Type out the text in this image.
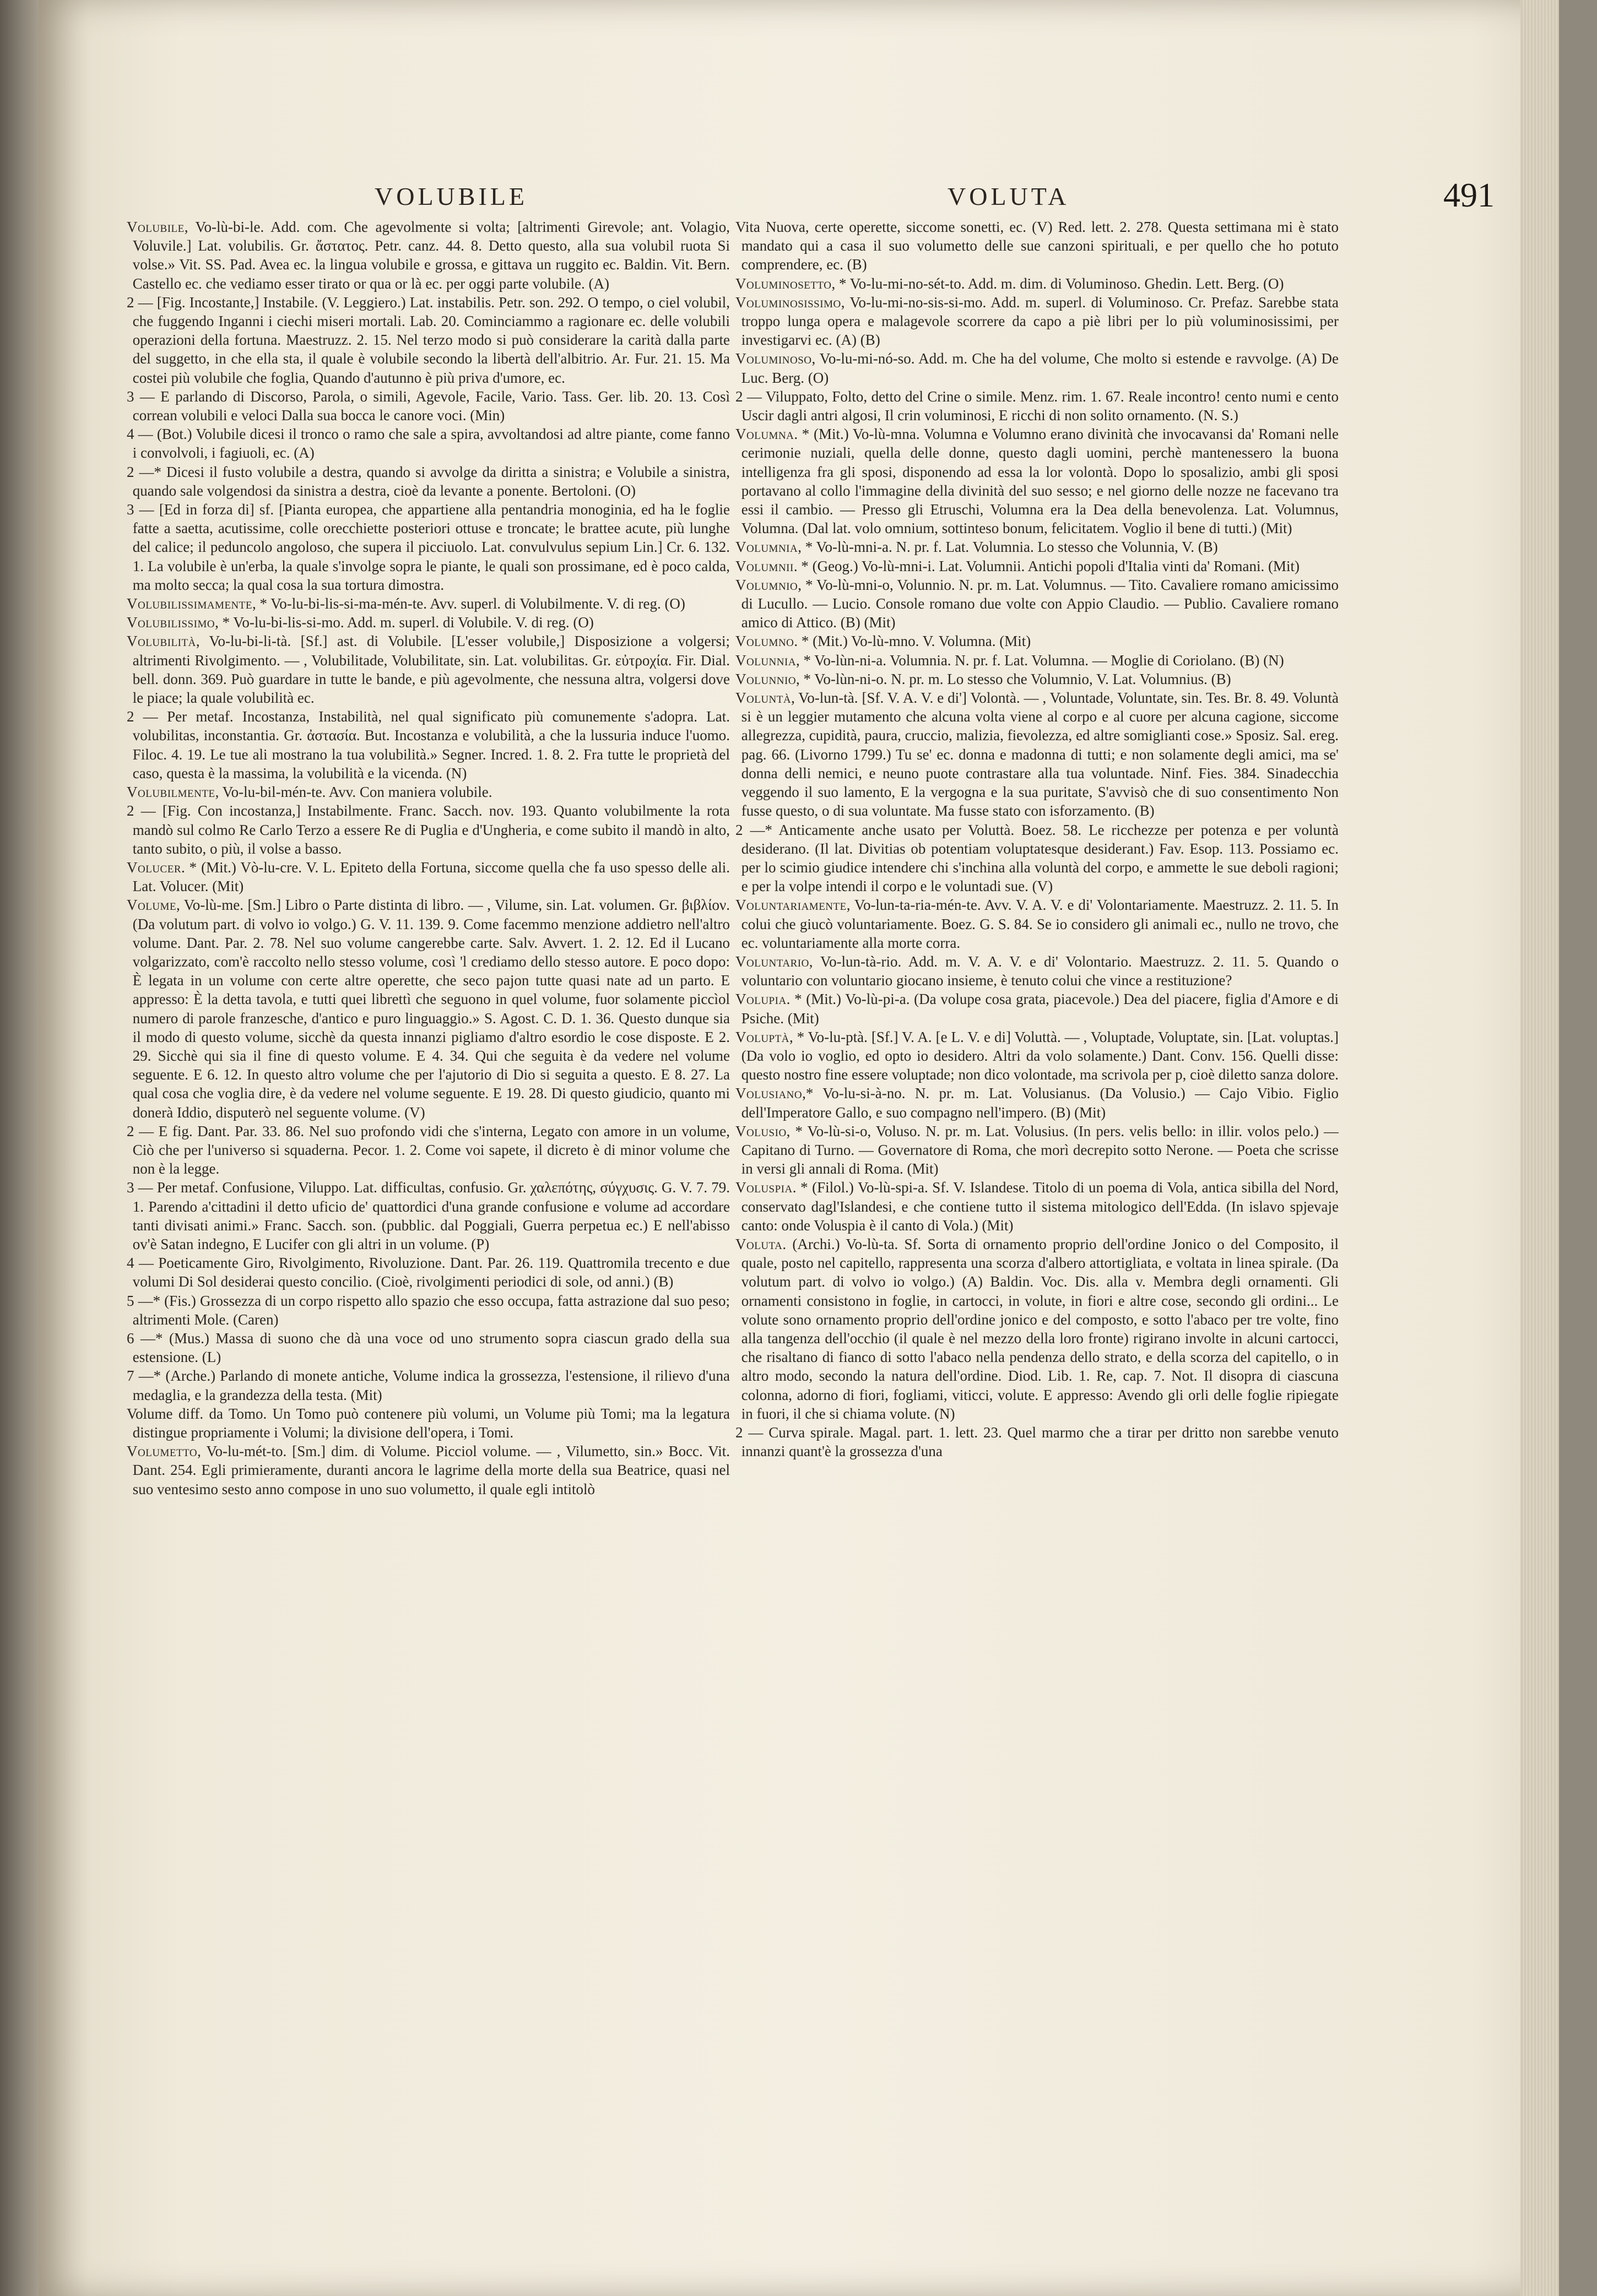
VOLUBILE	VOLUTA	491

Volubile, Vo-lù-bi-le. Add. com. Che agevolmente si volta; [altrimenti Girevole; ant. Volagio, Voluvile.] Lat. volubilis. Gr. ἄστατος. Petr. canz. 44. 8. Detto questo, alla sua volubil ruota Si volse.» Vit. SS. Pad. Avea ec. la lingua volubile e grossa, e gittava un ruggito ec. Baldin. Vit. Bern. Castello ec. che vediamo esser tirato or qua or là ec. per oggi parte volubile. (A)

2 — [Fig. Incostante,] Instabile. (V. Leggiero.) Lat. instabilis. Petr. son. 292. O tempo, o ciel volubil, che fuggendo Inganni i ciechi miseri mortali. Lab. 20. Cominciammo a ragionare ec. delle volubili operazioni della fortuna. Maestruzz. 2. 15. Nel terzo modo si può considerare la carità dalla parte del suggetto, in che ella sta, il quale è volubile secondo la libertà dell'albitrio. Ar. Fur. 21. 15. Ma costei più volubile che foglia, Quando d'autunno è più priva d'umore, ec.

3 — E parlando di Discorso, Parola, o simili, Agevole, Facile, Vario. Tass. Ger. lib. 20. 13. Così correan volubili e veloci Dalla sua bocca le canore voci. (Min)

4 — (Bot.) Volubile dicesi il tronco o ramo che sale a spira, avvoltandosi ad altre piante, come fanno i convolvoli, i fagiuoli, ec. (A)

2 —* Dicesi il fusto volubile a destra, quando si avvolge da diritta a sinistra; e Volubile a sinistra, quando sale volgendosi da sinistra a destra, cioè da levante a ponente. Bertoloni. (O)

3 — [Ed in forza di] sf. [Pianta europea, che appartiene alla pentandria monoginia, ed ha le foglie fatte a saetta, acutissime, colle orecchiette posteriori ottuse e troncate; le brattee acute, più lunghe del calice; il peduncolo angoloso, che supera il picciuolo. Lat. convulvulus sepium Lin.] Cr. 6. 132. 1. La volubile è un'erba, la quale s'involge sopra le piante, le quali son prossimane, ed è poco calda, ma molto secca; la qual cosa la sua tortura dimostra.

Volubilissimamente, * Vo-lu-bi-lis-si-ma-mén-te. Avv. superl. di Volubilmente. V. di reg. (O)

Volubilissimo, * Vo-lu-bi-lis-si-mo. Add. m. superl. di Volubile. V. di reg. (O)

Volubilità, Vo-lu-bi-li-tà. [Sf.] ast. di Volubile. [L'esser volubile,] Disposizione a volgersi; altrimenti Rivolgimento. — , Volubilitade, Volubilitate, sin. Lat. volubilitas. Gr. εὐτροχία. Fir. Dial. bell. donn. 369. Può guardare in tutte le bande, e più agevolmente, che nessuna altra, volgersi dove le piace; la quale volubilità ec.

2 — Per metaf. Incostanza, Instabilità, nel qual significato più comunemente s'adopra. Lat. volubilitas, inconstantia. Gr. ἀστασία. But. Incostanza e volubilità, a che la lussuria induce l'uomo. Filoc. 4. 19. Le tue ali mostrano la tua volubilità.» Segner. Incred. 1. 8. 2. Fra tutte le proprietà del caso, questa è la massima, la volubilità e la vicenda. (N)

Volubilmente, Vo-lu-bil-mén-te. Avv. Con maniera volubile.

2 — [Fig. Con incostanza,] Instabilmente. Franc. Sacch. nov. 193. Quanto volubilmente la rota mandò sul colmo Re Carlo Terzo a essere Re di Puglia e d'Ungheria, e come subito il mandò in alto, tanto subito, o più, il volse a basso.

Volucer. * (Mit.) Vò-lu-cre. V. L. Epiteto della Fortuna, siccome quella che fa uso spesso delle ali. Lat. Volucer. (Mit)

Volume, Vo-lù-me. [Sm.] Libro o Parte distinta di libro. — , Vilume, sin. Lat. volumen. Gr. βιβλίον. (Da volutum part. di volvo io volgo.) G. V. 11. 139. 9. Come facemmo menzione addietro nell'altro volume. Dant. Par. 2. 78. Nel suo volume cangerebbe carte. Salv. Avvert. 1. 2. 12. Ed il Lucano volgarizzato, com'è raccolto nello stesso volume, così 'l crediamo dello stesso autore. E poco dopo: È legata in un volume con certe altre operette, che seco pajon tutte quasi nate ad un parto. E appresso: È la detta tavola, e tutti quei librettì che seguono in quel volume, fuor solamente piccìol numero di parole franzesche, d'antico e puro linguaggio.» S. Agost. C. D. 1. 36. Questo dunque sia il modo di questo volume, sicchè da questa innanzi pigliamo d'altro esordio le cose disposte. E 2. 29. Sicchè qui sia il fine di questo volume. E 4. 34. Qui che seguita è da vedere nel volume seguente. E 6. 12. In questo altro volume che per l'ajutorio di Dio si seguita a questo. E 8. 27. La qual cosa che voglia dire, è da vedere nel volume seguente. E 19. 28. Di questo giudicio, quanto mi donerà Iddio, disputerò nel seguente volume. (V)

2 — E fig. Dant. Par. 33. 86. Nel suo profondo vidi che s'interna, Legato con amore in un volume, Ciò che per l'universo si squaderna. Pecor. 1. 2. Come voi sapete, il dicreto è di minor volume che non è la legge.

3 — Per metaf. Confusione, Viluppo. Lat. difficultas, confusio. Gr. χαλεπότης, σύγχυσις. G. V. 7. 79. 1. Parendo a'cittadini il detto uficio de' quattordici d'una grande confusione e volume ad accordare tanti divisati animi.» Franc. Sacch. son. (pubblic. dal Poggiali, Guerra perpetua ec.) E nell'abisso ov'è Satan indegno, E Lucifer con gli altri in un volume. (P)

4 — Poeticamente Giro, Rivolgimento, Rivoluzione. Dant. Par. 26. 119. Quattromila trecento e due volumi Di Sol desiderai questo concilio. (Cioè, rivolgimenti periodici di sole, od anni.) (B)

5 —* (Fis.) Grossezza di un corpo rispetto allo spazio che esso occupa, fatta astrazione dal suo peso; altrimenti Mole. (Caren)

6 —* (Mus.) Massa di suono che dà una voce od uno strumento sopra ciascun grado della sua estensione. (L)

7 —* (Arche.) Parlando di monete antiche, Volume indica la grossezza, l'estensione, il rilievo d'una medaglia, e la grandezza della testa. (Mit)

Volume diff. da Tomo. Un Tomo può contenere più volumi, un Volume più Tomi; ma la legatura distingue propriamente i Volumi; la divisione dell'opera, i Tomi.

Volumetto, Vo-lu-mét-to. [Sm.] dim. di Volume. Picciol volume. — , Vilumetto, sin.» Bocc. Vit. Dant. 254. Egli primieramente, duranti ancora le lagrime della morte della sua Beatrice, quasi nel suo ventesimo sesto anno compose in uno suo volumetto, il quale egli intitolò

Vita Nuova, certe operette, siccome sonetti, ec. (V) Red. lett. 2. 278. Questa settimana mi è stato mandato qui a casa il suo volumetto delle sue canzoni spirituali, e per quello che ho potuto comprendere, ec. (B)

Voluminosetto, * Vo-lu-mi-no-sét-to. Add. m. dim. di Voluminoso. Ghedin. Lett. Berg. (O)

Voluminosissimo, Vo-lu-mi-no-sis-si-mo. Add. m. superl. di Voluminoso. Cr. Prefaz. Sarebbe stata troppo lunga opera e malagevole scorrere da capo a piè libri per lo più voluminosissimi, per investigarvi ec. (A) (B)

Voluminoso, Vo-lu-mi-nó-so. Add. m. Che ha del volume, Che molto si estende e ravvolge. (A) De Luc. Berg. (O)

2 — Viluppato, Folto, detto del Crine o simile. Menz. rim. 1. 67. Reale incontro! cento numi e cento Uscir dagli antri algosi, Il crin voluminosi, E ricchi di non solito ornamento. (N. S.)

Volumna. * (Mit.) Vo-lù-mna. Volumna e Volumno erano divinità che invocavansi da' Romani nelle cerimonie nuziali, quella delle donne, questo dagli uomini, perchè mantenessero la buona intelligenza fra gli sposi, disponendo ad essa la lor volontà. Dopo lo sposalizio, ambi gli sposi portavano al collo l'immagine della divinità del suo sesso; e nel giorno delle nozze ne facevano tra essi il cambio. — Presso gli Etruschi, Volumna era la Dea della benevolenza. Lat. Volumnus, Volumna. (Dal lat. volo omnium, sottinteso bonum, felicitatem. Voglio il bene di tutti.) (Mit)

Volumnia, * Vo-lù-mni-a. N. pr. f. Lat. Volumnia. Lo stesso che Volunnia, V. (B)

Volumnii. * (Geog.) Vo-lù-mni-i. Lat. Volumnii. Antichi popoli d'Italia vinti da' Romani. (Mit)

Volumnio, * Vo-lù-mni-o, Volunnio. N. pr. m. Lat. Volumnus. — Tito. Cavaliere romano amicissimo di Lucullo. — Lucio. Console romano due volte con Appio Claudio. — Publio. Cavaliere romano amico di Attico. (B) (Mit)

Volumno. * (Mit.) Vo-lù-mno. V. Volumna. (Mit)

Volunnia, * Vo-lùn-ni-a. Volumnia. N. pr. f. Lat. Volumna. — Moglie di Coriolano. (B) (N)

Volunnio, * Vo-lùn-ni-o. N. pr. m. Lo stesso che Volumnio, V. Lat. Volumnius. (B)

Voluntà, Vo-lun-tà. [Sf. V. A. V. e di'] Volontà. — , Voluntade, Voluntate, sin. Tes. Br. 8. 49. Voluntà si è un leggier mutamento che alcuna volta viene al corpo e al cuore per alcuna cagione, siccome allegrezza, cupidità, paura, cruccio, malizia, fievolezza, ed altre somiglianti cose.» Sposiz. Sal. ereg. pag. 66. (Livorno 1799.) Tu se' ec. donna e madonna di tutti; e non solamente degli amici, ma se' donna delli nemici, e neuno puote contrastare alla tua voluntade. Ninf. Fies. 384. Sinadecchia veggendo il suo lamento, E la vergogna e la sua puritate, S'avvisò che di suo consentimento Non fusse questo, o di sua voluntate. Ma fusse stato con isforzamento. (B)

2 —* Anticamente anche usato per Voluttà. Boez. 58. Le ricchezze per potenza e per voluntà desiderano. (Il lat. Divitias ob potentiam voluptatesque desiderant.) Fav. Esop. 113. Possiamo ec. per lo scimio giudice intendere chi s'inchina alla voluntà del corpo, e ammette le sue deboli ragioni; e per la volpe intendi il corpo e le voluntadi sue. (V)

Voluntariamente, Vo-lun-ta-ria-mén-te. Avv. V. A. V. e di' Volontariamente. Maestruzz. 2. 11. 5. In colui che giucò voluntariamente. Boez. G. S. 84. Se io considero gli animali ec., nullo ne trovo, che ec. voluntariamente alla morte corra.

Voluntario, Vo-lun-tà-rio. Add. m. V. A. V. e di' Volontario. Maestruzz. 2. 11. 5. Quando o voluntario con voluntario giocano insieme, è tenuto colui che vince a restituzione?

Volupia. * (Mit.) Vo-lù-pi-a. (Da volupe cosa grata, piacevole.) Dea del piacere, figlia d'Amore e di Psiche. (Mit)

Voluptà, * Vo-lu-ptà. [Sf.] V. A. [e L. V. e di] Voluttà. — , Voluptade, Voluptate, sin. [Lat. voluptas.] (Da volo io voglio, ed opto io desidero. Altri da volo solamente.) Dant. Conv. 156. Quelli disse: questo nostro fine essere voluptade; non dico volontade, ma scrivola per p, cioè diletto sanza dolore.

Volusiano,* Vo-lu-si-à-no. N. pr. m. Lat. Volusianus. (Da Volusio.) — Cajo Vibio. Figlio dell'Imperatore Gallo, e suo compagno nell'impero. (B) (Mit)

Volusio, * Vo-lù-si-o, Voluso. N. pr. m. Lat. Volusius. (In pers. velis bello: in illir. volos pelo.) — Capitano di Turno. — Governatore di Roma, che morì decrepito sotto Nerone. — Poeta che scrisse in versi gli annali di Roma. (Mit)

Voluspia. * (Filol.) Vo-lù-spi-a. Sf. V. Islandese. Titolo di un poema di Vola, antica sibilla del Nord, conservato dagl'Islandesi, e che contiene tutto il sistema mitologico dell'Edda. (In islavo spjevaje canto: onde Voluspia è il canto di Vola.) (Mit)

Voluta. (Archi.) Vo-lù-ta. Sf. Sorta di ornamento proprio dell'ordine Jonico o del Composito, il quale, posto nel capitello, rappresenta una scorza d'albero attortigliata, e voltata in linea spirale. (Da volutum part. di volvo io volgo.) (A) Baldin. Voc. Dis. alla v. Membra degli ornamenti. Gli ornamenti consistono in foglie, in cartocci, in volute, in fiori e altre cose, secondo gli ordini... Le volute sono ornamento proprio dell'ordine jonico e del composto, e sotto l'abaco per tre volte, fino alla tangenza dell'occhio (il quale è nel mezzo della loro fronte) rigirano involte in alcuni cartocci, che risaltano di fianco di sotto l'abaco nella pendenza dello strato, e della scorza del capitello, o in altro modo, secondo la natura dell'ordine. Diod. Lib. 1. Re, cap. 7. Not. Il disopra di ciascuna colonna, adorno di fiori, fogliami, viticci, volute. E appresso: Avendo gli orli delle foglie ripiegate in fuori, il che si chiama volute. (N)

2 — Curva spirale. Magal. part. 1. lett. 23. Quel marmo che a tirar per dritto non sarebbe venuto innanzi quant'è la grossezza d'una
